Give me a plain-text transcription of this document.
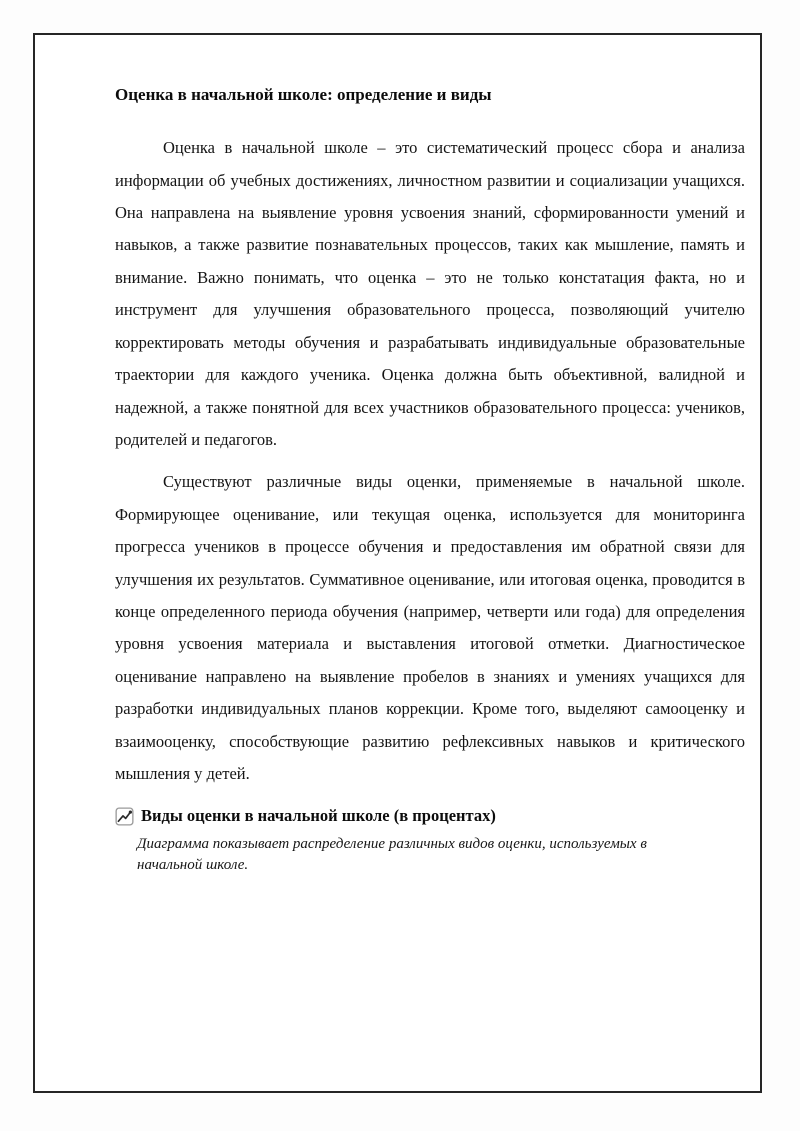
Оценка в начальной школе: определение и виды

Оценка в начальной школе – это систематический процесс сбора и анализа информации об учебных достижениях, личностном развитии и социализации учащихся. Она направлена на выявление уровня усвоения знаний, сформированности умений и навыков, а также развитие познавательных процессов, таких как мышление, память и внимание. Важно понимать, что оценка – это не только констатация факта, но и инструмент для улучшения образовательного процесса, позволяющий учителю корректировать методы обучения и разрабатывать индивидуальные образовательные траектории для каждого ученика. Оценка должна быть объективной, валидной и надежной, а также понятной для всех участников образовательного процесса: учеников, родителей и педагогов.

Существуют различные виды оценки, применяемые в начальной школе. Формирующее оценивание, или текущая оценка, используется для мониторинга прогресса учеников в процессе обучения и предоставления им обратной связи для улучшения их результатов. Суммативное оценивание, или итоговая оценка, проводится в конце определенного периода обучения (например, четверти или года) для определения уровня усвоения материала и выставления итоговой отметки. Диагностическое оценивание направлено на выявление пробелов в знаниях и умениях учащихся для разработки индивидуальных планов коррекции. Кроме того, выделяют самооценку и взаимооценку, способствующие развитию рефлексивных навыков и критического мышления у детей.

Виды оценки в начальной школе (в процентах)
Диаграмма показывает распределение различных видов оценки, используемых в начальной школе.
